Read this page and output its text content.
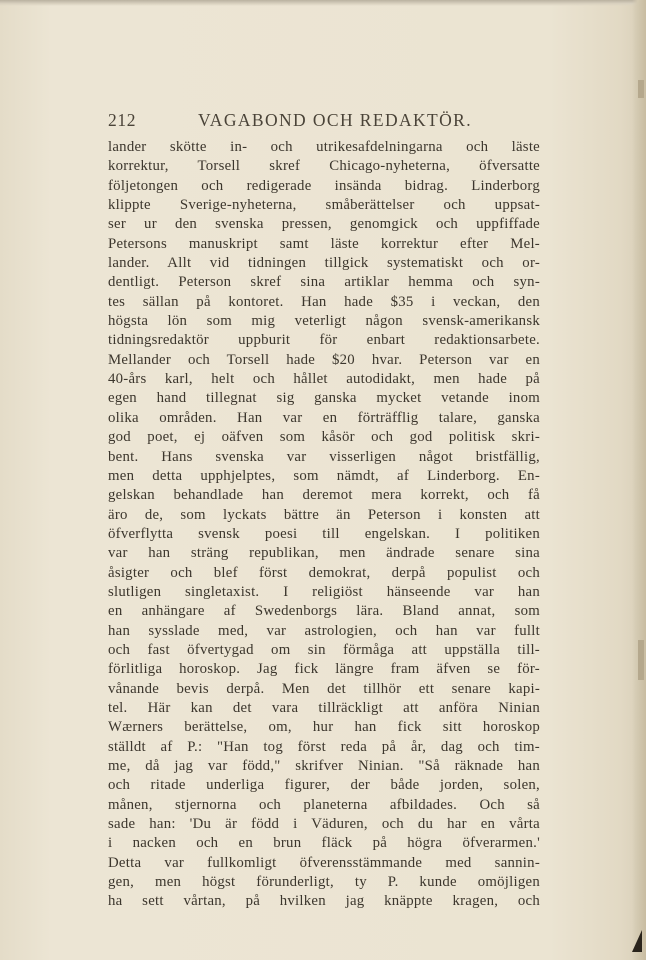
212	VAGABOND OCH REDAKTÖR.
lander skötte in- och utrikesafdelningarna och läste
korrektur, Torsell skref Chicago-nyheterna, öfversatte
följetongen och redigerade insända bidrag. Linderborg
klippte Sverige-nyheterna, småberättelser och uppsat-
ser ur den svenska pressen, genomgick och uppfiffade
Petersons manuskript samt läste korrektur efter Mel-
lander. Allt vid tidningen tillgick systematiskt och or-
dentligt. Peterson skref sina artiklar hemma och syn-
tes sällan på kontoret. Han hade $35 i veckan, den
högsta lön som mig veterligt någon svensk-amerikansk
tidningsredaktör uppburit för enbart redaktionsarbete.
Mellander och Torsell hade $20 hvar. Peterson var en
40-års karl, helt och hållet autodidakt, men hade på
egen hand tillegnat sig ganska mycket vetande inom
olika områden. Han var en förträfflig talare, ganska
god poet, ej oäfven som kåsör och god politisk skri-
bent. Hans svenska var visserligen något bristfällig,
men detta upphjelptes, som nämdt, af Linderborg. En-
gelskan behandlade han deremot mera korrekt, och få
äro de, som lyckats bättre än Peterson i konsten att
öfverflytta svensk poesi till engelskan. I politiken
var han sträng republikan, men ändrade senare sina
åsigter och blef först demokrat, derpå populist och
slutligen singletaxist. I religiöst hänseende var han
en anhängare af Swedenborgs lära. Bland annat, som
han sysslade med, var astrologien, och han var fullt
och fast öfvertygad om sin förmåga att uppställa till-
förlitliga horoskop. Jag fick längre fram äfven se för-
vånande bevis derpå. Men det tillhör ett senare kapi-
tel. Här kan det vara tillräckligt att anföra Ninian
Wærners berättelse, om, hur han fick sitt horoskop
ställdt af P.: "Han tog först reda på år, dag och tim-
me, då jag var född," skrifver Ninian. "Så räknade han
och ritade underliga figurer, der både jorden, solen,
månen, stjernorna och planeterna afbildades. Och så
sade han: 'Du är född i Väduren, och du har en vårta
i nacken och en brun fläck på högra öfverarmen.'
Detta var fullkomligt öfverensstämmande med sannin-
gen, men högst förunderligt, ty P. kunde omöjligen
ha sett vårtan, på hvilken jag knäppte kragen, och
